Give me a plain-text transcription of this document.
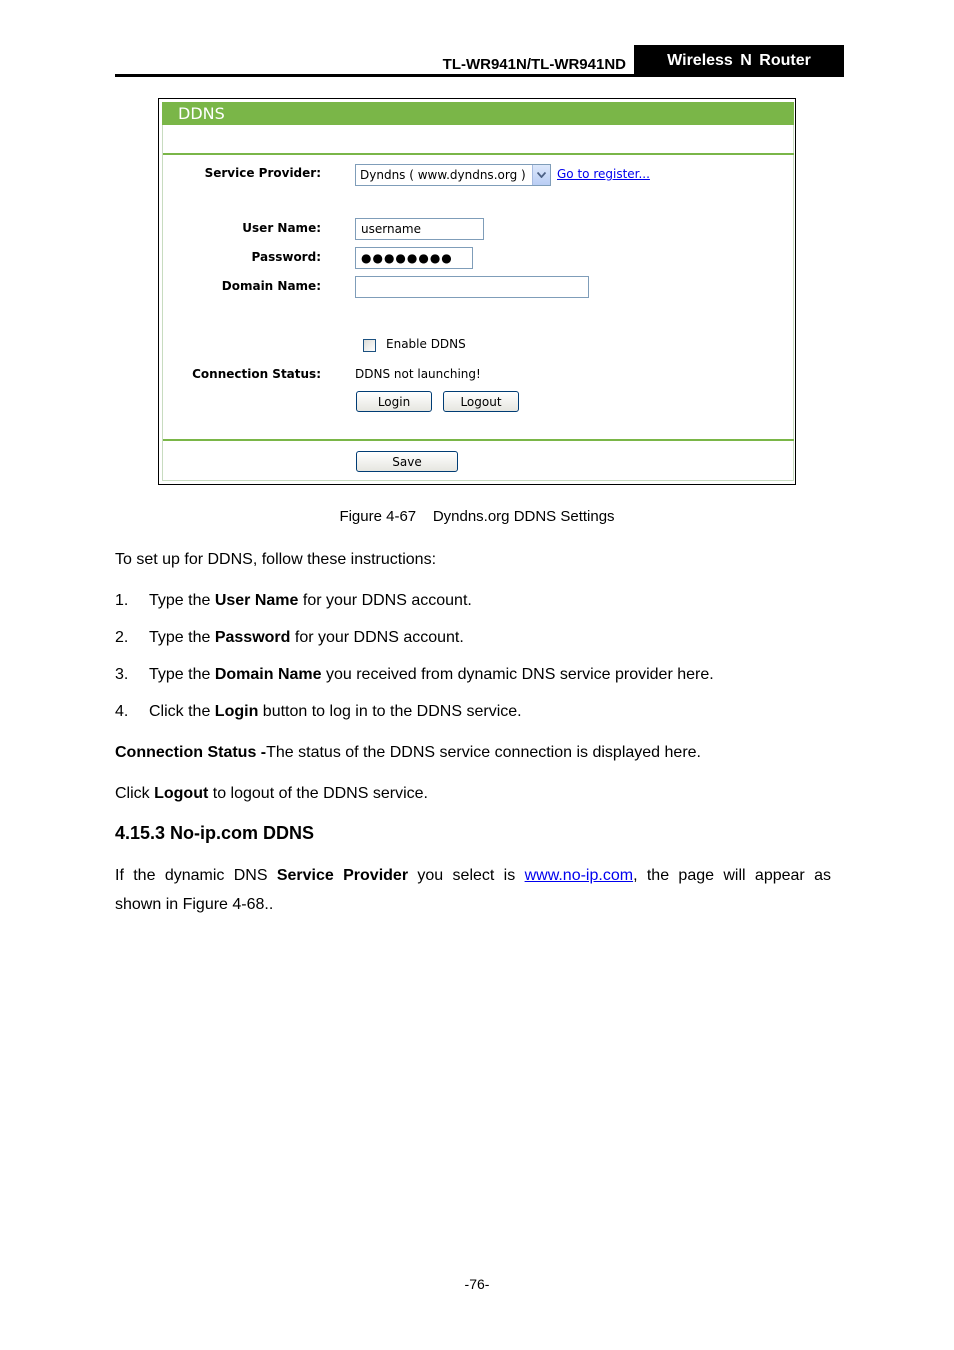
TL-WR941N/TL-WR941ND	Wireless N Router
DDNS
Service Provider:	Dyndns ( www.dyndns.org )	Go to register...
User Name:	username
Password:	●●●●●●●●
Domain Name:
Enable DDNS
Connection Status:	DDNS not launching!
Login	Logout
Save
Figure 4-67    Dyndns.org DDNS Settings
To set up for DDNS, follow these instructions:
1. Type the User Name for your DDNS account.
2. Type the Password for your DDNS account.
3. Type the Domain Name you received from dynamic DNS service provider here.
4. Click the Login button to log in to the DDNS service.
Connection Status -The status of the DDNS service connection is displayed here.
Click Logout to logout of the DDNS service.
4.15.3 No-ip.com DDNS
If the dynamic DNS Service Provider you select is www.no-ip.com, the page will appear as
shown in Figure 4-68..
-76-
